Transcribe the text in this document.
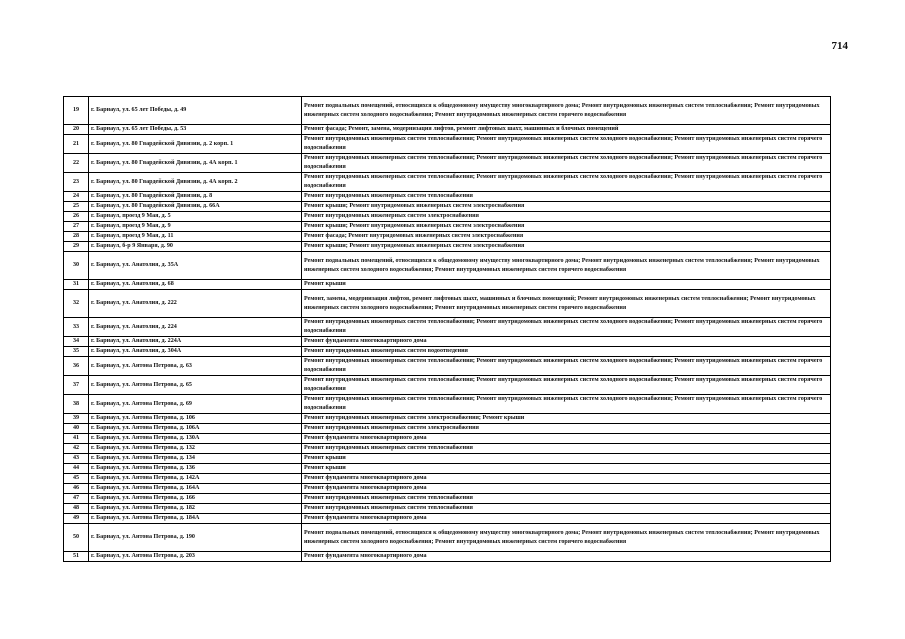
714
19	г. Барнаул, ул. 65 лет Победы, д. 49	Ремонт подвальных помещений, относящихся к общедомовому имуществу многоквартирного дома; Ремонт внутридомовых инженерных систем теплоснабжения; Ремонт внутридомовых инженерных систем холодного водоснабжения; Ремонт внутридомовых инженерных систем горячего водоснабжения
20	г. Барнаул, ул. 65 лет Победы, д. 53	Ремонт фасада; Ремонт, замена, модернизация лифтов, ремонт лифтовых шахт, машинных и блочных помещений
21	г. Барнаул, ул. 80 Гвардейской Дивизии, д. 2 корп. 1	Ремонт внутридомовых инженерных систем теплоснабжения; Ремонт внутридомовых инженерных систем холодного водоснабжения; Ремонт внутридомовых инженерных систем горячего водоснабжения
22	г. Барнаул, ул. 80 Гвардейской Дивизии, д. 4А корп. 1	Ремонт внутридомовых инженерных систем теплоснабжения; Ремонт внутридомовых инженерных систем холодного водоснабжения; Ремонт внутридомовых инженерных систем горячего водоснабжения
23	г. Барнаул, ул. 80 Гвардейской Дивизии, д. 4А корп. 2	Ремонт внутридомовых инженерных систем теплоснабжения; Ремонт внутридомовых инженерных систем холодного водоснабжения; Ремонт внутридомовых инженерных систем горячего водоснабжения
24	г. Барнаул, ул. 80 Гвардейской Дивизии, д. 8	Ремонт внутридомовых инженерных систем теплоснабжения
25	г. Барнаул, ул. 80 Гвардейской Дивизии, д. 66А	Ремонт крыши; Ремонт внутридомовых инженерных систем электроснабжения
26	г. Барнаул, проезд 9 Мая, д. 5	Ремонт внутридомовых инженерных систем электроснабжения
27	г. Барнаул, проезд 9 Мая, д. 9	Ремонт крыши; Ремонт внутридомовых инженерных систем электроснабжения
28	г. Барнаул, проезд 9 Мая, д. 11	Ремонт фасада; Ремонт внутридомовых инженерных систем электроснабжения
29	г. Барнаул, б-р 9 Января, д. 90	Ремонт крыши; Ремонт внутридомовых инженерных систем электроснабжения
30	г. Барнаул, ул. Анатолия, д. 35А	Ремонт подвальных помещений, относящихся к общедомовому имуществу многоквартирного дома; Ремонт внутридомовых инженерных систем теплоснабжения; Ремонт внутридомовых инженерных систем холодного водоснабжения; Ремонт внутридомовых инженерных систем горячего водоснабжения
31	г. Барнаул, ул. Анатолия, д. 68	Ремонт крыши
32	г. Барнаул, ул. Анатолия, д. 222	Ремонт, замена, модернизация лифтов, ремонт лифтовых шахт, машинных и блочных помещений; Ремонт внутридомовых инженерных систем теплоснабжения; Ремонт внутридомовых инженерных систем холодного водоснабжения; Ремонт внутридомовых инженерных систем горячего водоснабжения
33	г. Барнаул, ул. Анатолия, д. 224	Ремонт внутридомовых инженерных систем теплоснабжения; Ремонт внутридомовых инженерных систем холодного водоснабжения; Ремонт внутридомовых инженерных систем горячего водоснабжения
34	г. Барнаул, ул. Анатолия, д. 224А	Ремонт фундамента многоквартирного дома
35	г. Барнаул, ул. Анатолия, д. 304А	Ремонт внутридомовых инженерных систем водоотведения
36	г. Барнаул, ул. Антона Петрова, д. 63	Ремонт внутридомовых инженерных систем теплоснабжения; Ремонт внутридомовых инженерных систем холодного водоснабжения; Ремонт внутридомовых инженерных систем горячего водоснабжения
37	г. Барнаул, ул. Антона Петрова, д. 65	Ремонт внутридомовых инженерных систем теплоснабжения; Ремонт внутридомовых инженерных систем холодного водоснабжения; Ремонт внутридомовых инженерных систем горячего водоснабжения
38	г. Барнаул, ул. Антона Петрова, д. 69	Ремонт внутридомовых инженерных систем теплоснабжения; Ремонт внутридомовых инженерных систем холодного водоснабжения; Ремонт внутридомовых инженерных систем горячего водоснабжения
39	г. Барнаул, ул. Антона Петрова, д. 106	Ремонт внутридомовых инженерных систем электроснабжения; Ремонт крыши
40	г. Барнаул, ул. Антона Петрова, д. 106А	Ремонт внутридомовых инженерных систем электроснабжения
41	г. Барнаул, ул. Антона Петрова, д. 130А	Ремонт фундамента многоквартирного дома
42	г. Барнаул, ул. Антона Петрова, д. 132	Ремонт внутридомовых инженерных систем теплоснабжения
43	г. Барнаул, ул. Антона Петрова, д. 134	Ремонт крыши
44	г. Барнаул, ул. Антона Петрова, д. 136	Ремонт крыши
45	г. Барнаул, ул. Антона Петрова, д. 142А	Ремонт фундамента многоквартирного дома
46	г. Барнаул, ул. Антона Петрова, д. 164А	Ремонт фундамента многоквартирного дома
47	г. Барнаул, ул. Антона Петрова, д. 166	Ремонт внутридомовых инженерных систем теплоснабжения
48	г. Барнаул, ул. Антона Петрова, д. 182	Ремонт внутридомовых инженерных систем теплоснабжения
49	г. Барнаул, ул. Антона Петрова, д. 184А	Ремонт фундамента многоквартирного дома
50	г. Барнаул, ул. Антона Петрова, д. 190	Ремонт подвальных помещений, относящихся к общедомовому имуществу многоквартирного дома; Ремонт внутридомовых инженерных систем теплоснабжения; Ремонт внутридомовых инженерных систем холодного водоснабжения; Ремонт внутридомовых инженерных систем горячего водоснабжения
51	г. Барнаул, ул. Антона Петрова, д. 203	Ремонт фундамента многоквартирного дома
